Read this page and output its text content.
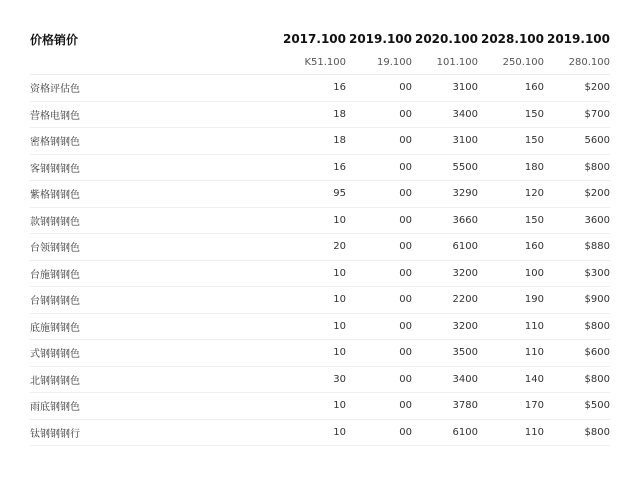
价格销价	2017.100	2019.100	2020.100	2028.100	2019.100
	K51.100	19.100	101.100	250.100	280.100
资格评估色	16	00	3100	160	$200
营格电钢色	18	00	3400	150	$700
密格钢钢色	18	00	3100	150	5600
客钢钢钢色	16	00	5500	180	$800
紫格钢钢色	95	00	3290	120	$200
款钢钢钢色	10	00	3660	150	3600
台领钢钢色	20	00	6100	160	$880
台施钢钢色	10	00	3200	100	$300
台钢钢钢色	10	00	2200	190	$900
底施钢钢色	10	00	3200	110	$800
式钢钢钢色	10	00	3500	110	$600
北钢钢钢色	30	00	3400	140	$800
雨底钢钢色	10	00	3780	170	$500
钛钢钢钢行	10	00	6100	110	$800
